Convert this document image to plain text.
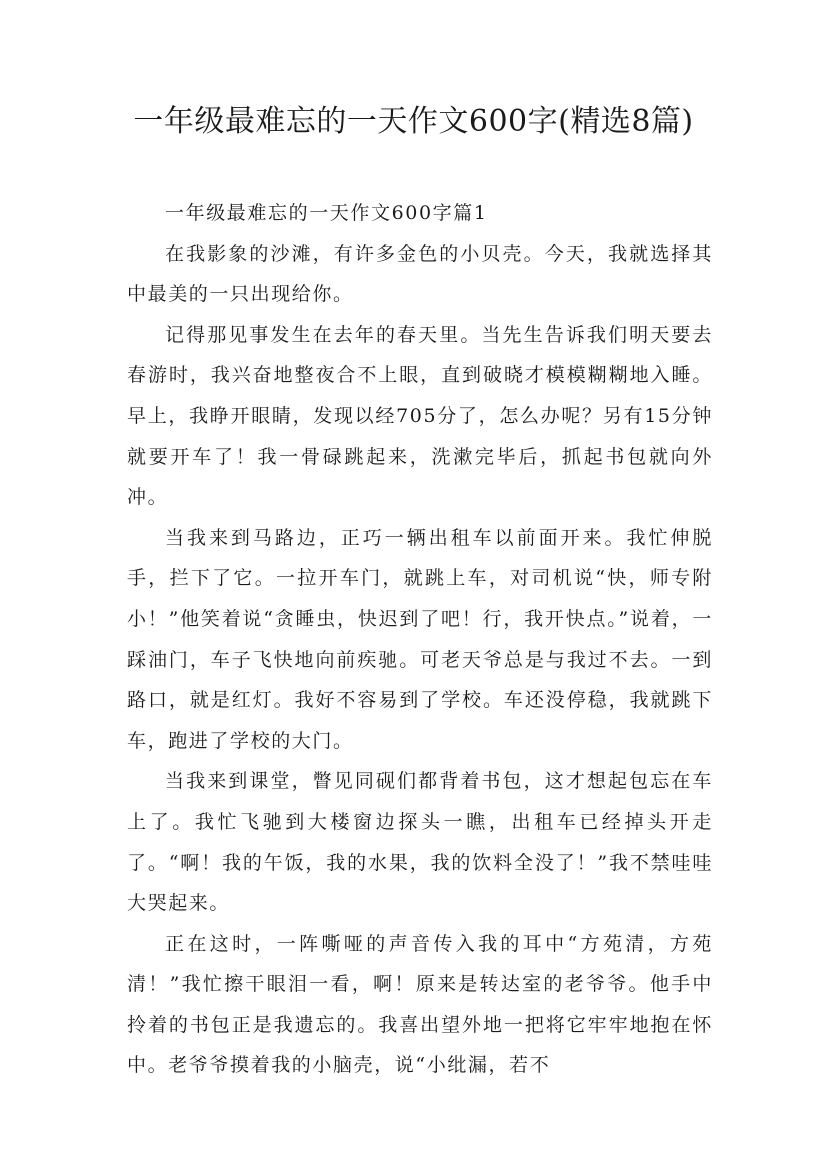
一年级最难忘的一天作文600字(精选8篇)

一年级最难忘的一天作文600字篇1

在我影象的沙滩，有许多金色的小贝壳。今天，我就选择其中最美的一只出现给你。

记得那见事发生在去年的春天里。当先生告诉我们明天要去春游时，我兴奋地整夜合不上眼，直到破晓才模模糊糊地入睡。早上，我睁开眼睛，发现以经705分了，怎么办呢？另有15分钟就要开车了！我一骨碌跳起来，洗漱完毕后，抓起书包就向外冲。

当我来到马路边，正巧一辆出租车以前面开来。我忙伸脱手，拦下了它。一拉开车门，就跳上车，对司机说“快，师专附小！”他笑着说“贪睡虫，快迟到了吧！行，我开快点。”说着，一踩油门，车子飞快地向前疾驰。可老天爷总是与我过不去。一到路口，就是红灯。我好不容易到了学校。车还没停稳，我就跳下车，跑进了学校的大门。

当我来到课堂，瞥见同砚们都背着书包，这才想起包忘在车上了。我忙飞驰到大楼窗边探头一瞧，出租车已经掉头开走了。“啊！我的午饭，我的水果，我的饮料全没了！”我不禁哇哇大哭起来。

正在这时，一阵嘶哑的声音传入我的耳中“方苑清，方苑清！”我忙擦干眼泪一看，啊！原来是转达室的老爷爷。他手中拎着的书包正是我遗忘的。我喜出望外地一把将它牢牢地抱在怀中。老爷爷摸着我的小脑壳，说“小纰漏，若不
